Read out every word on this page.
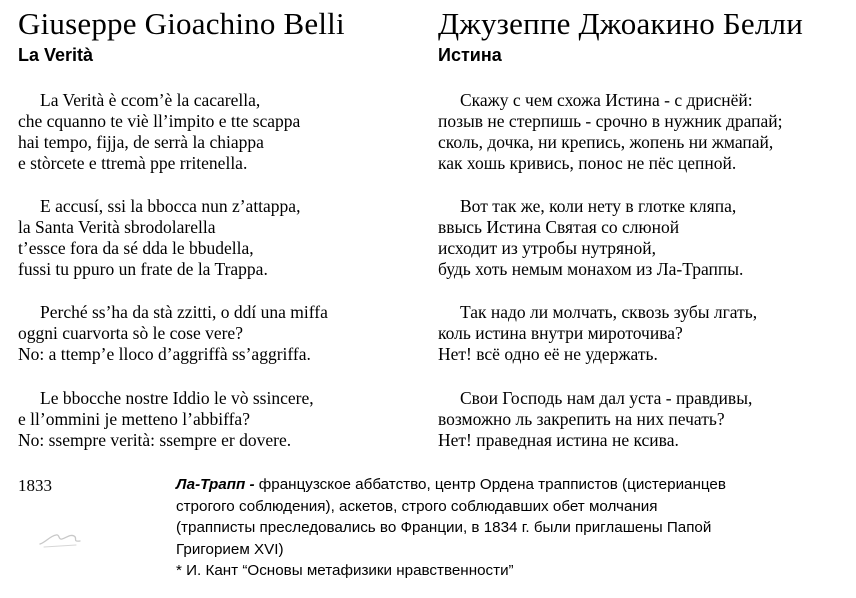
Giuseppe Gioachino Belli
La Verità
La Verità è ccom’è la cacarella,
che cquanno te viè ll’impito e tte scappa
hai tempo, fijja, de serrà la chiappa
e stòrcete e ttremà ppe rritenella.
E accusí, ssi la bbocca nun z’attappa,
la Santa Verità sbrodolarella
t’essce fora da sé dda le bbudella,
fussi tu ppuro un frate de la Trappa.
Perché ss’ha da stà zzitti, o ddí una miffa
oggni cuarvorta sò le cose vere?
No: a ttemp’e lloco d’aggriffà ss’aggriffa.
Le bbocche nostre Iddio le vò ssincere,
e ll’ommini je metteno l’abbiffa?
No: ssempre verità: ssempre er dovere.
Джузеппе Джоакино Белли
Истина
Скажу с чем схожа Истина - с дриснёй:
позыв не стерпишь - срочно в нужник драпай;
сколь, дочка, ни крепись, жопень ни жмапай,
как хошь кривись, понос не пёс цепной.
Вот так же, коли нету в глотке кляпа,
ввысь Истина Святая со слюной
исходит из утробы нутряной,
будь хоть немым монахом из Ла-Траппы.
Так надо ли молчать, сквозь зубы лгать,
коль истина внутри мироточива?
Нет! всё одно её не удержать.
Свои Господь нам дал уста - правдивы,
возможно ль закрепить на них печать?
Нет! праведная истина не ксива.
1833	Ла-Трапп - французское аббатство, центр Ордена траппистов (цистерианцев
строгого соблюдения), аскетов, строго соблюдавших обет молчания
(трапписты преследовались во Франции, в 1834 г. были приглашены Папой
Григорием XVI)
* И. Кант “Основы метафизики нравственности”
